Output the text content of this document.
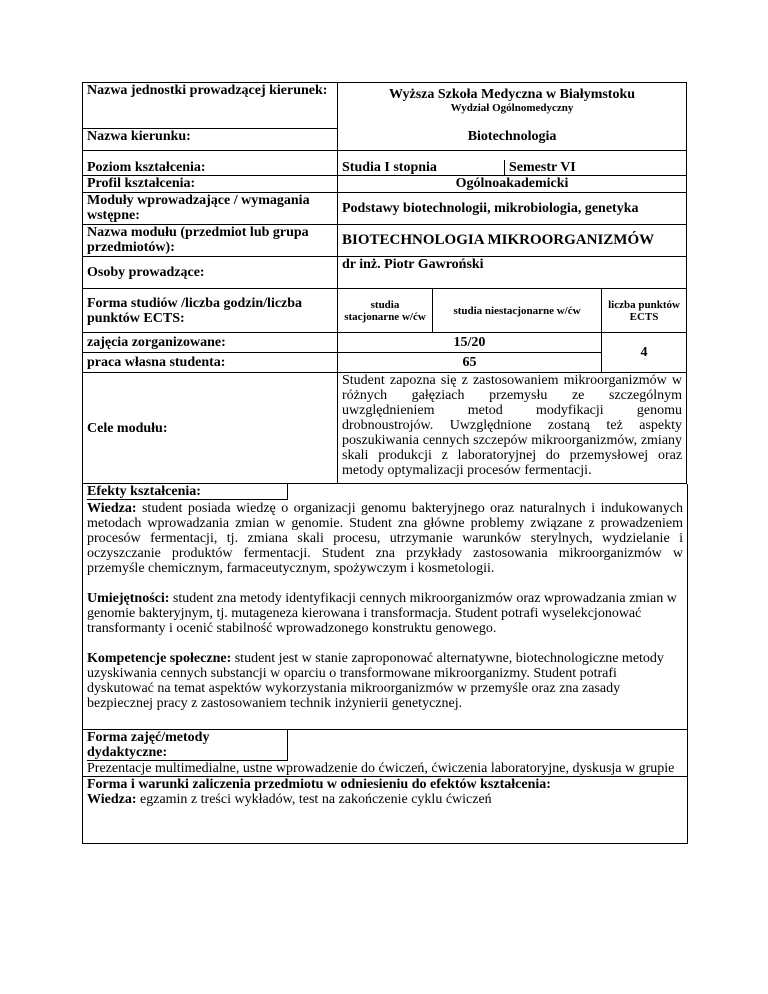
Nazwa jednostki prowadzącej kierunek:	Wyższa Szkoła Medyczna w Białymstoku
Wydział Ogólnomedyczny			

Nazwa kierunku:	Biotechnologia			

Poziom kształcenia:	Studia I stopnia		Semestr VI	
Profil kształcenia:	Ogólnoakademicki			
Moduły wprowadzające / wymagania wstępne:	Podstawy biotechnologii, mikrobiologia, genetyka			
Nazwa modułu (przedmiot lub grupa przedmiotów):	BIOTECHNOLOGIA MIKROORGANIZMÓW			
Osoby prowadzące:	dr inż. Piotr Gawroński			
Forma studiów /liczba godzin/liczba punktów ECTS:	studia stacjonarne w/ćw	studia niestacjonarne w/ćw		liczba punktów ECTS
zajęcia zorganizowane:	15/20			4
praca własna studenta:	65			
Cele modułu:	Student zapozna się z zastosowaniem mikroorganizmów w różnych gałęziach przemysłu ze szczególnym uwzględnieniem metod modyfikacji genomu drobnoustrojów. Uwzględnione zostaną też aspekty poszukiwania cennych szczepów mikroorganizmów, zmiany skali produkcji z laboratoryjnej do przemysłowej oraz metody optymalizacji procesów fermentacji.			
Efekty kształcenia:

Wiedza: student posiada wiedzę o organizacji genomu bakteryjnego oraz naturalnych i indukowanych metodach wprowadzania zmian w genomie. Student zna główne problemy związane z prowadzeniem procesów fermentacji, tj. zmiana skali procesu, utrzymanie warunków sterylnych, wydzielanie i oczyszczanie produktów fermentacji. Student zna przykłady zastosowania mikroorganizmów w przemyśle chemicznym, farmaceutycznym, spożywczym i kosmetologii.

Umiejętności: student zna metody identyfikacji cennych mikroorganizmów oraz wprowadzania zmian w genomie bakteryjnym, tj. mutageneza kierowana i transformacja. Student potrafi wyselekcjonować transformanty i ocenić stabilność wprowadzonego konstruktu genowego.

Kompetencje społeczne: student jest w stanie zaproponować alternatywne, biotechnologiczne metody uzyskiwania cennych substancji w oparciu o transformowane mikroorganizmy. Student potrafi dyskutować na temat aspektów wykorzystania mikroorganizmów w przemyśle oraz zna zasady bezpiecznej pracy z zastosowaniem technik inżynierii genetycznej.

Forma zajęć/metody dydaktyczne:

Prezentacje multimedialne, ustne wprowadzenie do ćwiczeń, ćwiczenia laboratoryjne, dyskusja w grupie

Forma i warunki zaliczenia przedmiotu w odniesieniu do efektów kształcenia:

Wiedza: egzamin z treści wykładów, test na zakończenie cyklu ćwiczeń
